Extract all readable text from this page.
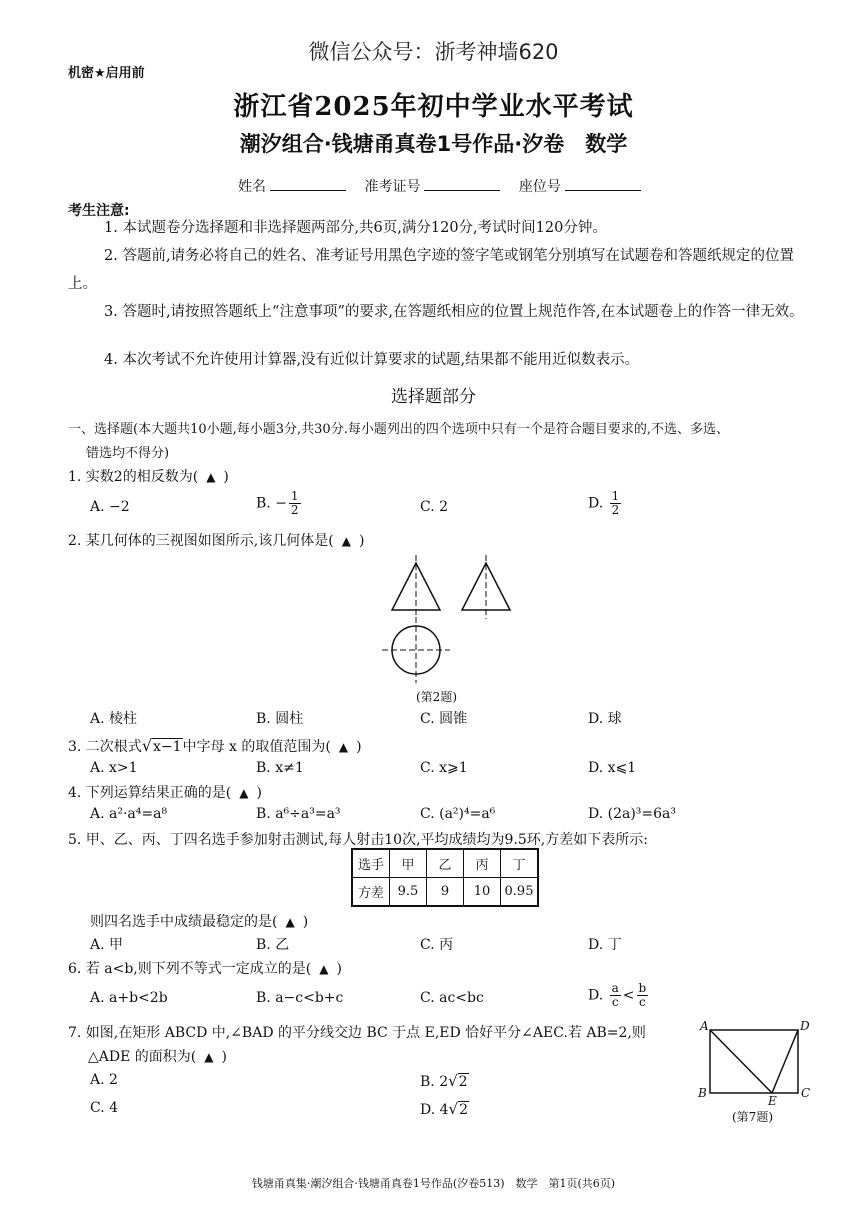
微信公众号：浙考神墙620
机密★启用前
浙江省2025年初中学业水平考试
潮汐组合·钱塘甬真卷1号作品·汐卷　数学
姓名	准考证号	座位号
考生注意:
1. 本试题卷分选择题和非选择题两部分,共6页,满分120分,考试时间120分钟。
2. 答题前,请务必将自己的姓名、准考证号用黑色字迹的签字笔或钢笔分别填写在试题卷和答题纸规定的位置上。
3. 答题时,请按照答题纸上“注意事项”的要求,在答题纸相应的位置上规范作答,在本试题卷上的作答一律无效。
4. 本次考试不允许使用计算器,没有近似计算要求的试题,结果都不能用近似数表示。
选择题部分
一、选择题(本大题共10小题,每小题3分,共30分.每小题列出的四个选项中只有一个是符合题目要求的,不选、多选、
错选均不得分)
1. 实数2的相反数为( ▲ )
A. −2	B. − $\frac{1}{2}$	C. 2	D. $\frac{1}{2}$
2. 某几何体的三视图如图所示,该几何体是( ▲ )
(第2题)
A. 棱柱	B. 圆柱	C. 圆锥	D. 球
3. 二次根式√x−1中字母 x 的取值范围为( ▲ )
A. x>1	B. x≠1	C. x⩾1	D. x⩽1
4. 下列运算结果正确的是( ▲ )
A. a²·a⁴=a⁸	B. a⁶÷a³=a³	C. (a²)⁴=a⁶	D. (2a)³=6a³
5. 甲、乙、丙、丁四名选手参加射击测试,每人射击10次,平均成绩均为9.5环,方差如下表所示:
选手	甲	乙	丙	丁
方差	9.5	9	10	0.95
则四名选手中成绩最稳定的是( ▲ )
A. 甲	B. 乙	C. 丙	D. 丁
6. 若 a<b,则下列不等式一定成立的是( ▲ )
A. a+b<2b	B. a−c<b+c	C. ac<bc	D. $\frac{a}{c} < \frac{b}{c}$
7. 如图,在矩形 ABCD 中,∠BAD 的平分线交边 BC 于点 E,ED 恰好平分∠AEC.若 AB=2,则
△ADE 的面积为( ▲ )
A. 2	B. 2√2
C. 4	D. 4√2
A	D
B	C
E
(第7题)
钱塘甬真集·潮汐组合·钱塘甬真卷1号作品(汐卷513)　数学　第1页(共6页)
